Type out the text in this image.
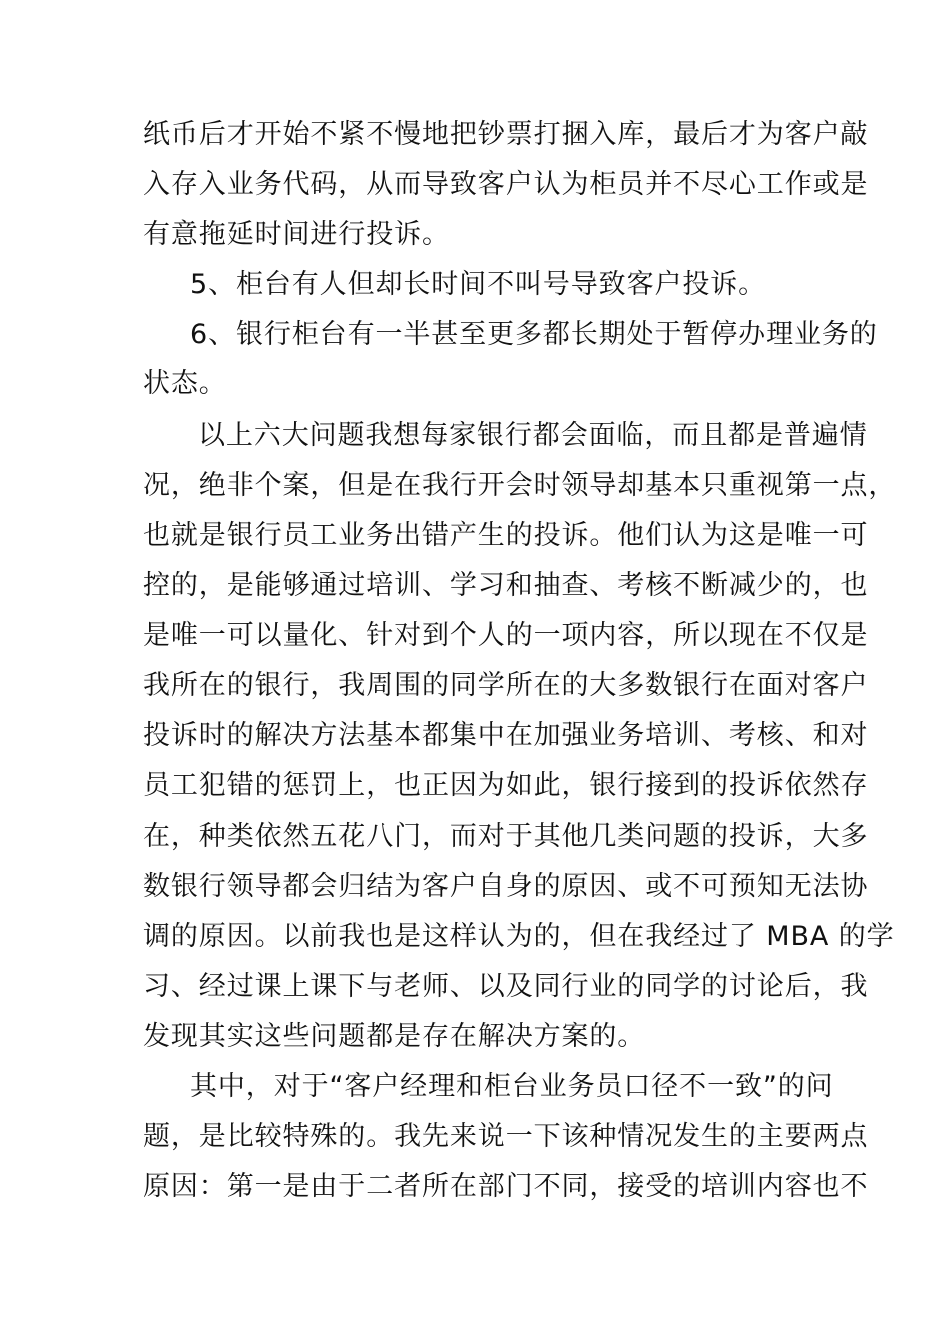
纸币后才开始不紧不慢地把钞票打捆入库，最后才为客户敲
入存入业务代码，从而导致客户认为柜员并不尽心工作或是
有意拖延时间进行投诉。
5、柜台有人但却长时间不叫号导致客户投诉。
6、银行柜台有一半甚至更多都长期处于暂停办理业务的
状态。
以上六大问题我想每家银行都会面临，而且都是普遍情
况，绝非个案，但是在我行开会时领导却基本只重视第一点，
也就是银行员工业务出错产生的投诉。他们认为这是唯一可
控的，是能够通过培训、学习和抽查、考核不断减少的，也
是唯一可以量化、针对到个人的一项内容，所以现在不仅是
我所在的银行，我周围的同学所在的大多数银行在面对客户
投诉时的解决方法基本都集中在加强业务培训、考核、和对
员工犯错的惩罚上，也正因为如此，银行接到的投诉依然存
在，种类依然五花八门，而对于其他几类问题的投诉，大多
数银行领导都会归结为客户自身的原因、或不可预知无法协
调的原因。以前我也是这样认为的，但在我经过了 MBA 的学
习、经过课上课下与老师、以及同行业的同学的讨论后，我
发现其实这些问题都是存在解决方案的。
其中，对于“客户经理和柜台业务员口径不一致”的问
题，是比较特殊的。我先来说一下该种情况发生的主要两点
原因：第一是由于二者所在部门不同，接受的培训内容也不
